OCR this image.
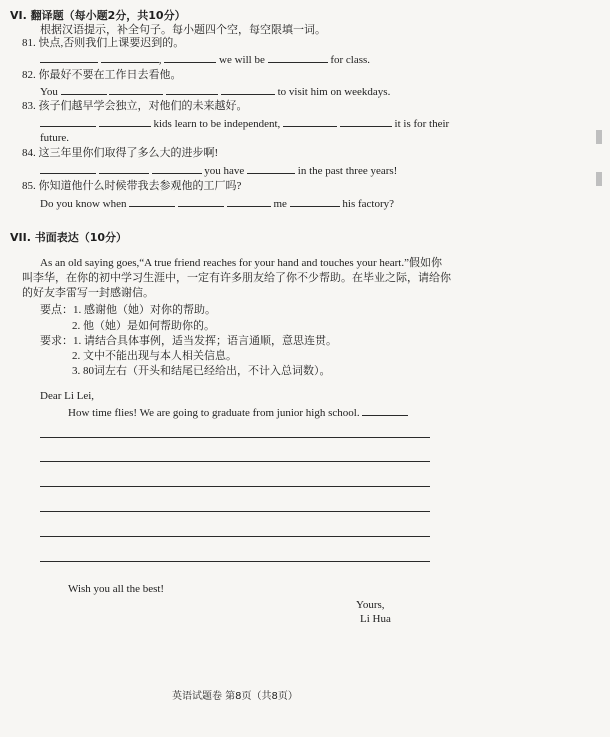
VI. 翻译题（每小题2分，共10分）
根据汉语提示，补全句子。每小题四个空，每空限填一词。
81. 快点,否则我们上课要迟到的。
,	we will be	for class.
82. 你最好不要在工作日去看他。
You	to visit him on weekdays.
83. 孩子们越早学会独立，对他们的未来越好。
kids learn to be independent,	it is for their
future.
84. 这三年里你们取得了多么大的进步啊!
you have	in the past three years!
85. 你知道他什么时候带我去参观他的工厂吗?
Do you know when	me	his factory?
VII. 书面表达（10分）
As an old saying goes,“A true friend reaches for your hand and touches your heart.”假如你
叫李华，在你的初中学习生涯中，一定有许多朋友给了你不少帮助。在毕业之际，请给你
的好友李雷写一封感谢信。
要点：1. 感谢他（她）对你的帮助。
2. 他（她）是如何帮助你的。
要求：1. 请结合具体事例，适当发挥；语言通顺，意思连贯。
2. 文中不能出现与本人相关信息。
3. 80词左右（开头和结尾已经给出，不计入总词数）。
Dear Li Lei,
How time flies! We are going to graduate from junior high school.
Wish you all the best!
Yours,
Li Hua
英语试题卷 第8页（共8页）
